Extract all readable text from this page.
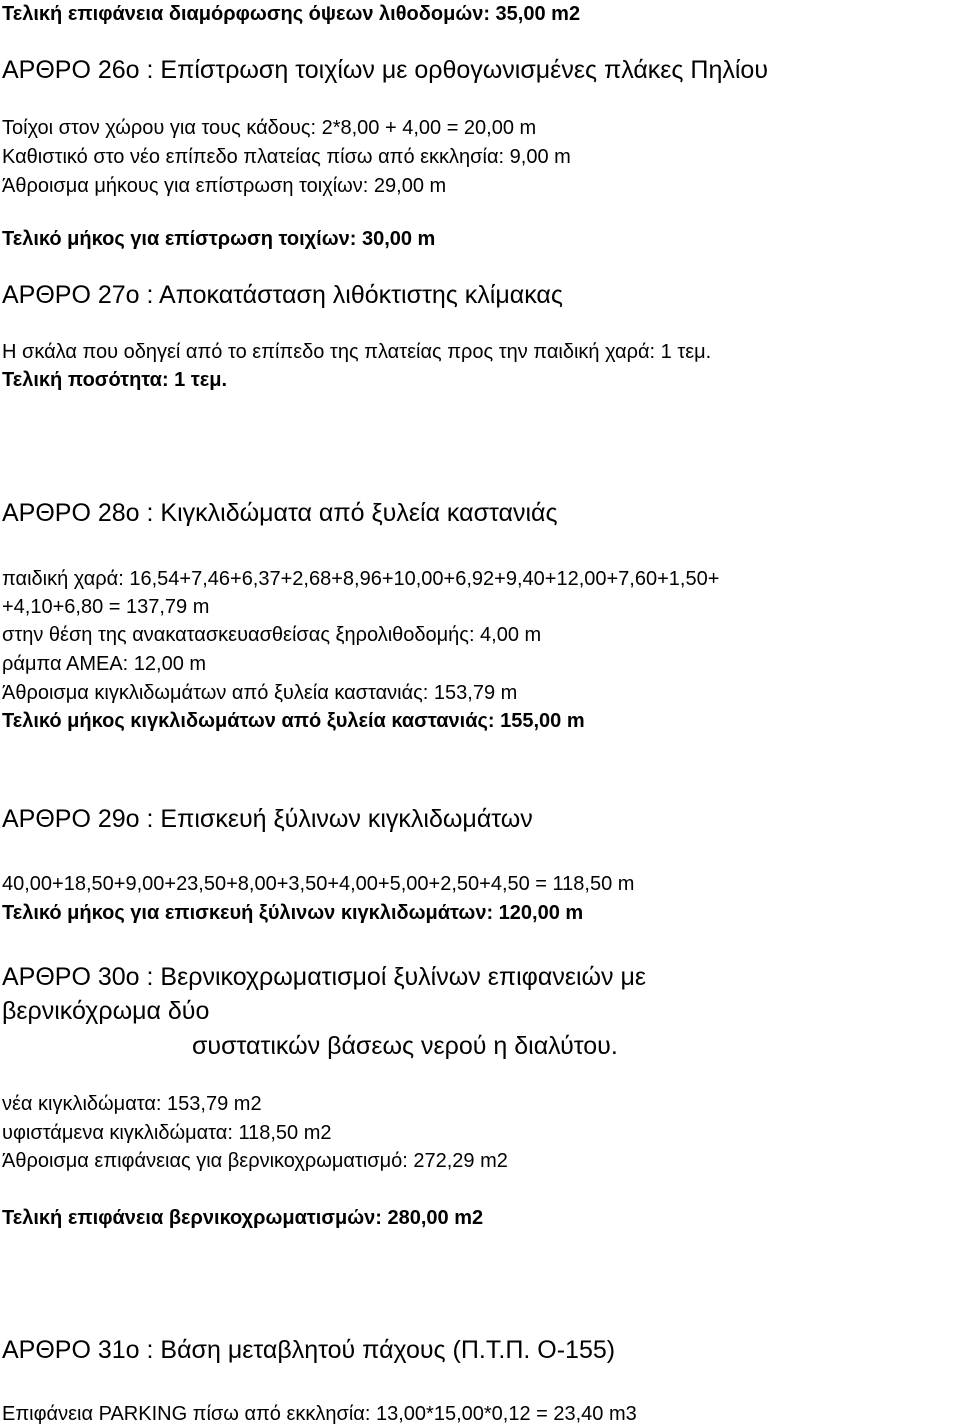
Τελική επιφάνεια διαμόρφωσης όψεων λιθοδομών: 35,00 m2
ΑΡΘΡΟ 26ο : Επίστρωση τοιχίων με ορθογωνισμένες πλάκες Πηλίου
Τοίχοι στον χώρου για τους κάδους: 2*8,00 + 4,00 = 20,00 m
Καθιστικό στο νέο επίπεδο πλατείας πίσω από εκκλησία: 9,00 m
Άθροισμα μήκους για επίστρωση τοιχίων: 29,00 m
Τελικό μήκος για επίστρωση τοιχίων: 30,00 m
ΑΡΘΡΟ 27ο : Αποκατάσταση λιθόκτιστης κλίμακας
Η σκάλα που οδηγεί από το επίπεδο της πλατείας προς την παιδική χαρά: 1 τεμ.
Τελική ποσότητα: 1 τεμ.
ΑΡΘΡΟ 28ο : Κιγκλιδώματα από ξυλεία καστανιάς
παιδική χαρά: 16,54+7,46+6,37+2,68+8,96+10,00+6,92+9,40+12,00+7,60+1,50+
+4,10+6,80 = 137,79 m
στην θέση της ανακατασκευασθείσας ξηρολιθοδομής: 4,00 m
ράμπα ΑΜΕΑ: 12,00 m
Άθροισμα κιγκλιδωμάτων από ξυλεία καστανιάς: 153,79 m
Τελικό μήκος κιγκλιδωμάτων από ξυλεία καστανιάς: 155,00 m
ΑΡΘΡΟ 29ο : Επισκευή ξύλινων κιγκλιδωμάτων
40,00+18,50+9,00+23,50+8,00+3,50+4,00+5,00+2,50+4,50 = 118,50 m
Τελικό μήκος για επισκευή ξύλινων κιγκλιδωμάτων: 120,00 m
ΑΡΘΡΟ 30ο : Βερνικοχρωματισμοί ξυλίνων επιφανειών με
βερνικόχρωμα δύο
συστατικών βάσεως νερού η διαλύτου.
νέα κιγκλιδώματα: 153,79 m2
υφιστάμενα κιγκλιδώματα: 118,50 m2
Άθροισμα επιφάνειας για βερνικοχρωματισμό: 272,29 m2
Τελική επιφάνεια βερνικοχρωματισμών: 280,00 m2
ΑΡΘΡΟ 31ο : Βάση μεταβλητού πάχους (Π.Τ.Π. Ο-155)
Επιφάνεια PARKING πίσω από εκκλησία: 13,00*15,00*0,12 = 23,40 m3
